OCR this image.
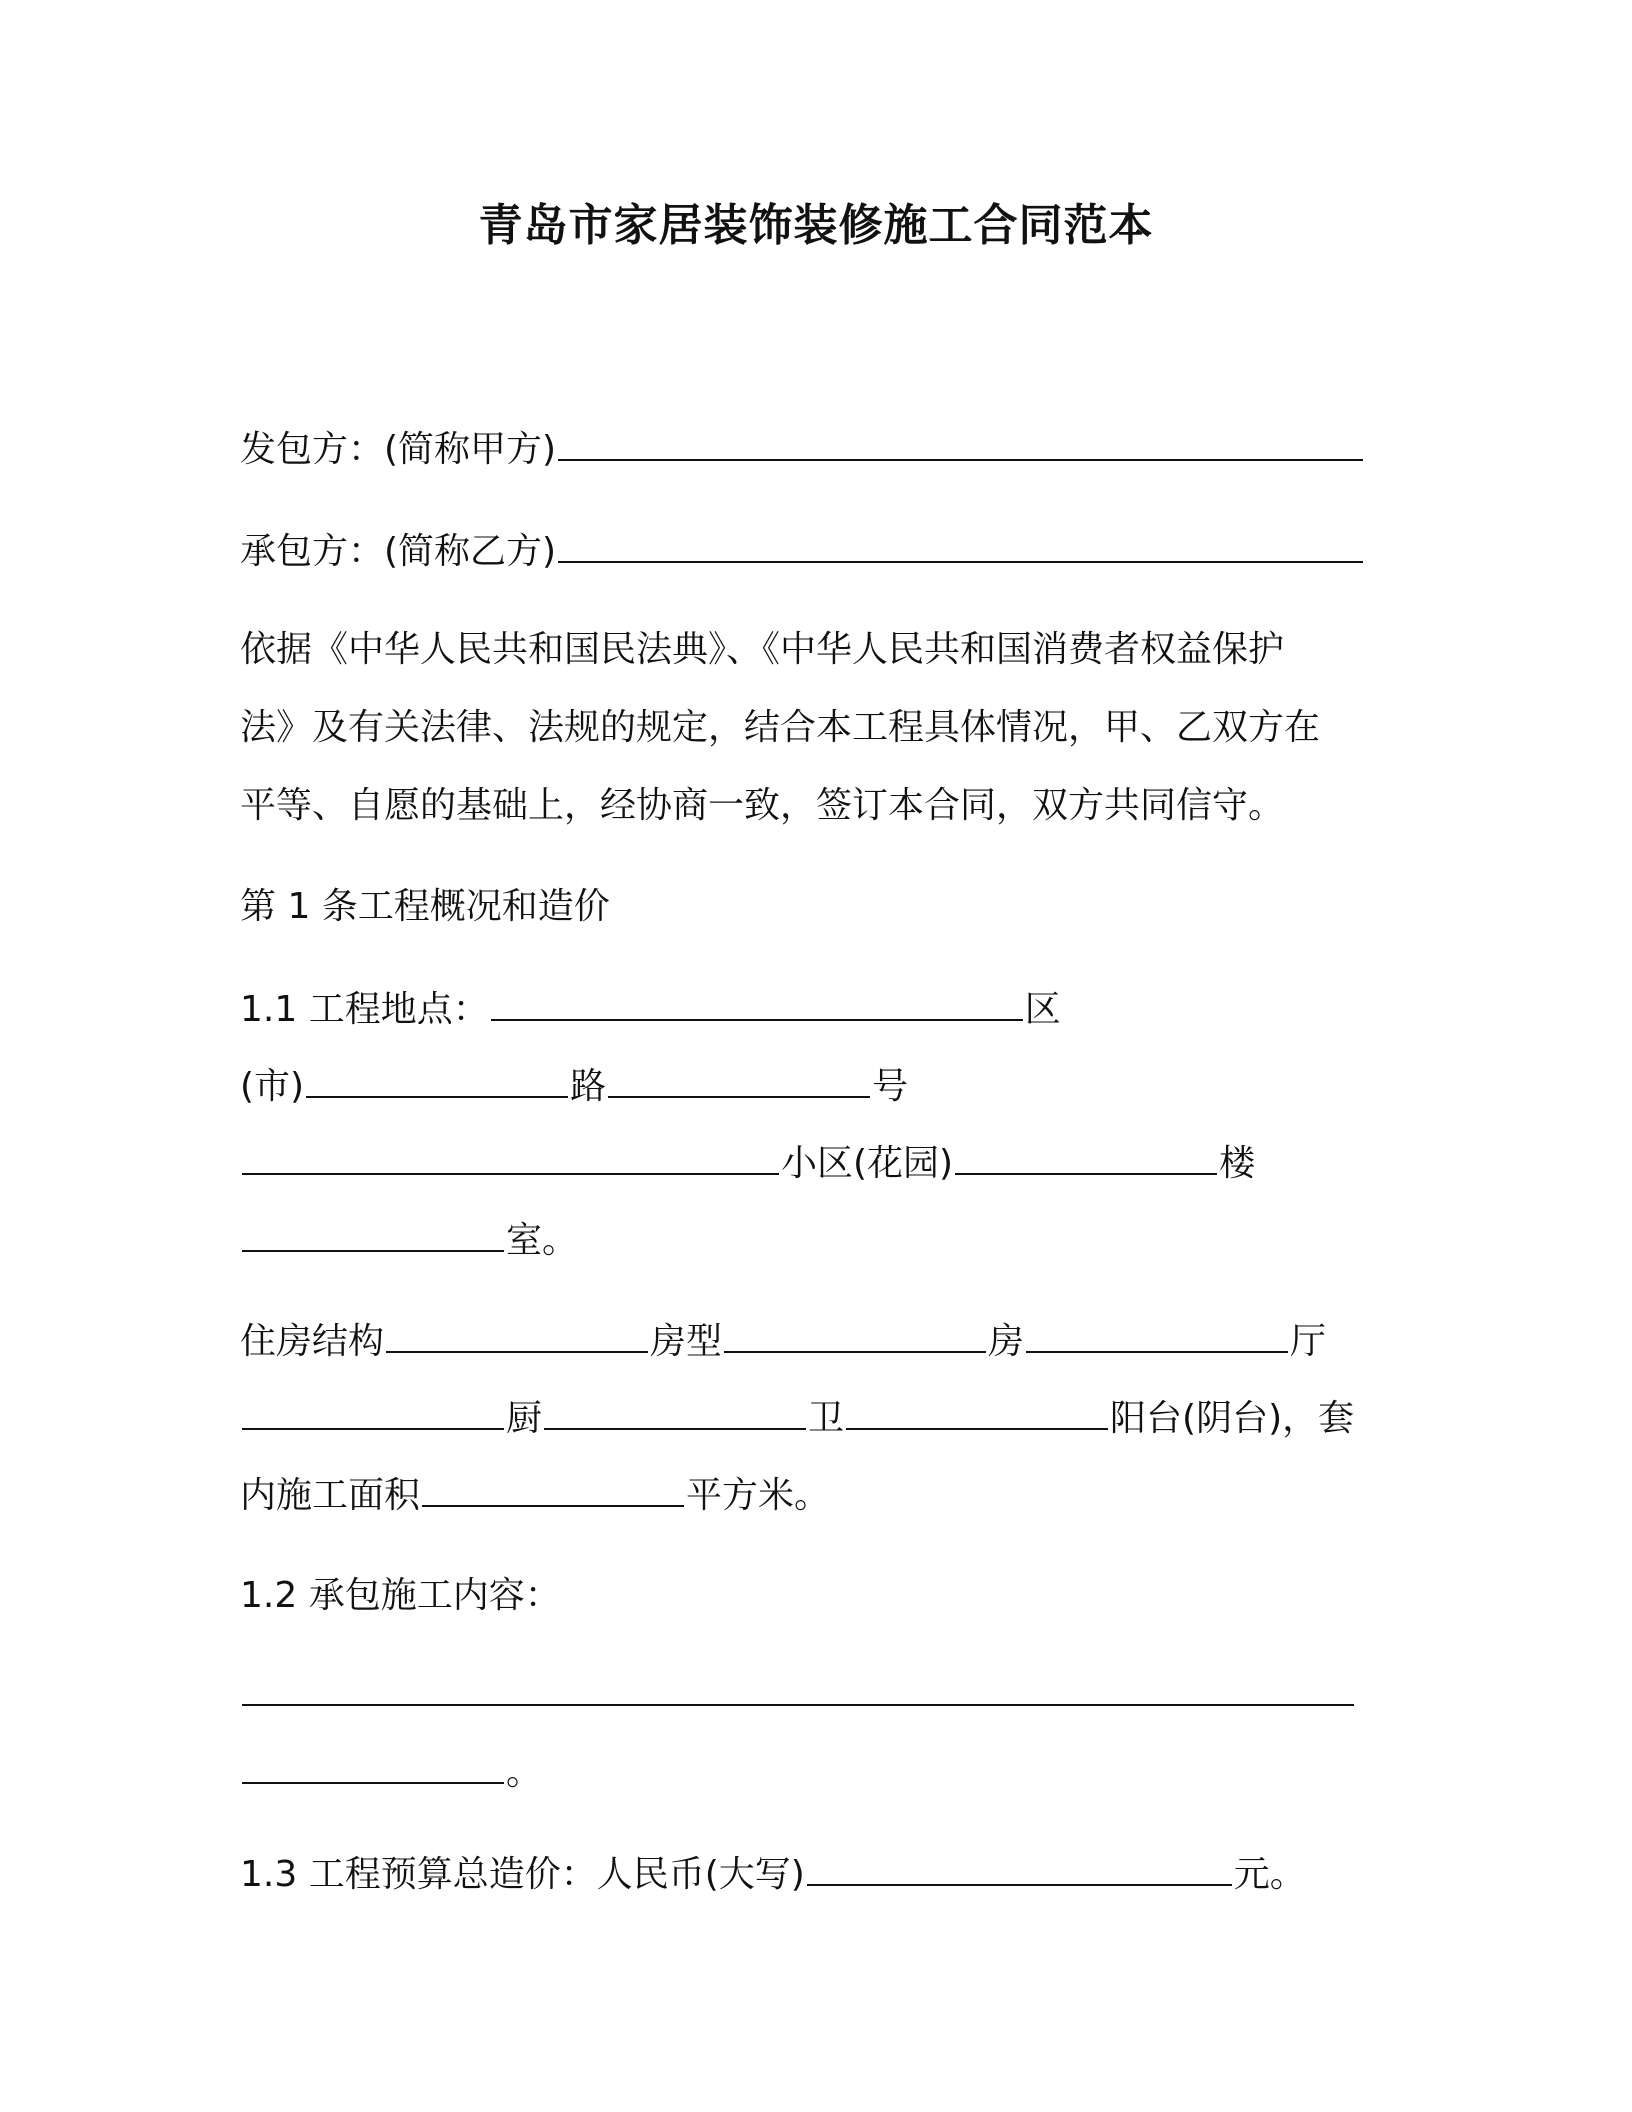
青岛市家居装饰装修施工合同范本
发包方：(简称甲方)
承包方：(简称乙方)
依据《中华人民共和国民法典》、《中华人民共和国消费者权益保护
法》及有关法律、法规的规定，结合本工程具体情况，甲、乙双方在
平等、自愿的基础上，经协商一致，签订本合同，双方共同信守。
第 1 条工程概况和造价
1.1 工程地点：	区
(市)	路	号
小区(花园)	楼
室。
住房结构	房型	房	厅
厨	卫	阳台(阴台)，套
内施工面积	平方米。
1.2 承包施工内容：
。
1.3 工程预算总造价：人民币(大写)	元。
